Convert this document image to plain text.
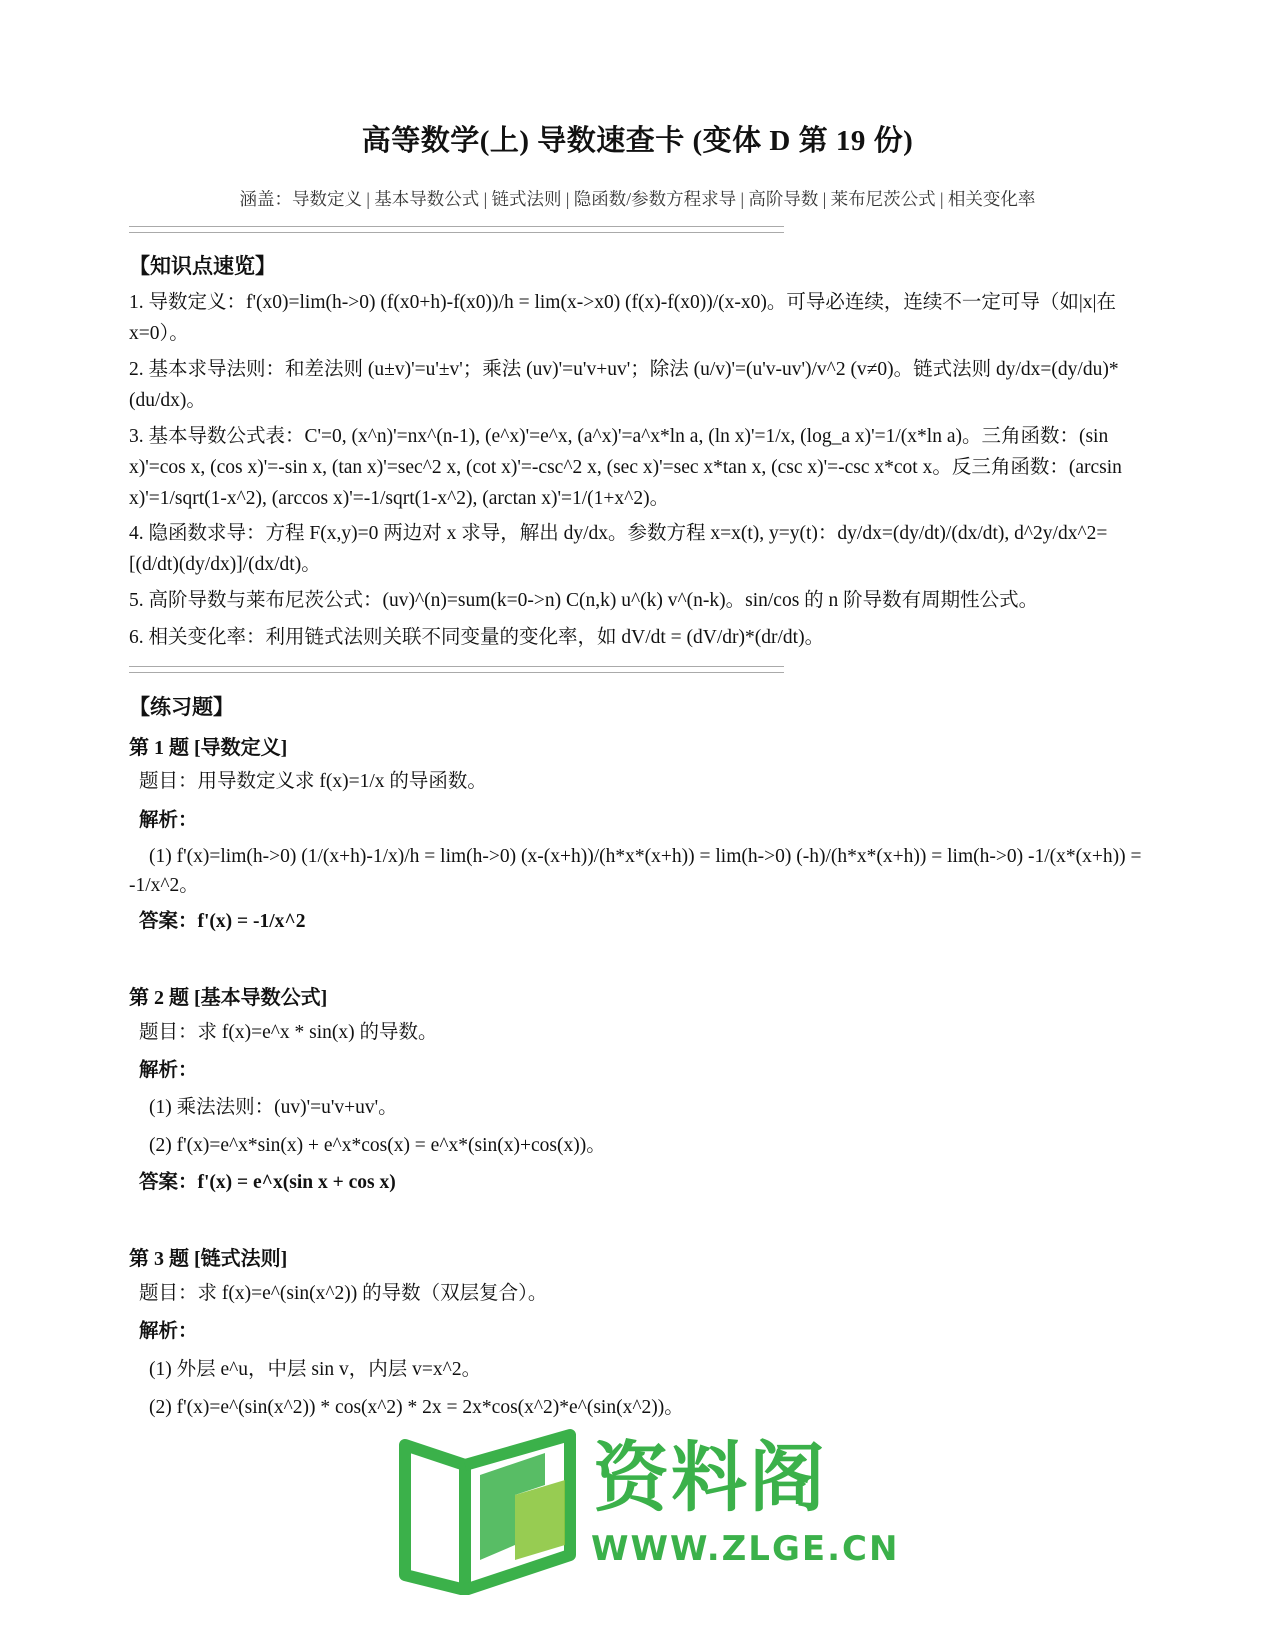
高等数学(上) 导数速查卡 (变体 D 第 19 份)
涵盖：导数定义 | 基本导数公式 | 链式法则 | 隐函数/参数方程求导 | 高阶导数 | 莱布尼茨公式 | 相关变化率
【知识点速览】
1. 导数定义：f'(x0)=lim(h->0) (f(x0+h)-f(x0))/h = lim(x->x0) (f(x)-f(x0))/(x-x0)。可导必连续，连续不一定可导（如|x|在 x=0）。
2. 基本求导法则：和差法则 (u±v)'=u'±v'；乘法 (uv)'=u'v+uv'；除法 (u/v)'=(u'v-uv')/v^2 (v≠0)。链式法则 dy/dx=(dy/du)*(du/dx)。
3. 基本导数公式表：C'=0, (x^n)'=nx^(n-1), (e^x)'=e^x, (a^x)'=a^x*ln a, (ln x)'=1/x, (log_a x)'=1/(x*ln a)。三角函数：(sin x)'=cos x, (cos x)'=-sin x, (tan x)'=sec^2 x, (cot x)'=-csc^2 x, (sec x)'=sec x*tan x, (csc x)'=-csc x*cot x。反三角函数：(arcsin x)'=1/sqrt(1-x^2), (arccos x)'=-1/sqrt(1-x^2), (arctan x)'=1/(1+x^2)。
4. 隐函数求导：方程 F(x,y)=0 两边对 x 求导，解出 dy/dx。参数方程 x=x(t), y=y(t)：dy/dx=(dy/dt)/(dx/dt), d^2y/dx^2=[(d/dt)(dy/dx)]/(dx/dt)。
5. 高阶导数与莱布尼茨公式：(uv)^(n)=sum(k=0->n) C(n,k) u^(k) v^(n-k)。sin/cos 的 n 阶导数有周期性公式。
6. 相关变化率：利用链式法则关联不同变量的变化率，如 dV/dt = (dV/dr)*(dr/dt)。
【练习题】
第 1 题 [导数定义]
题目：用导数定义求 f(x)=1/x 的导函数。
解析：
(1) f'(x)=lim(h->0) (1/(x+h)-1/x)/h = lim(h->0) (x-(x+h))/(h*x*(x+h)) = lim(h->0) (-h)/(h*x*(x+h)) = lim(h->0) -1/(x*(x+h)) = -1/x^2。
答案：f'(x) = -1/x^2
第 2 题 [基本导数公式]
题目：求 f(x)=e^x * sin(x) 的导数。
解析：
(1) 乘法法则：(uv)'=u'v+uv'。
(2) f'(x)=e^x*sin(x) + e^x*cos(x) = e^x*(sin(x)+cos(x))。
答案：f'(x) = e^x(sin x + cos x)
第 3 题 [链式法则]
题目：求 f(x)=e^(sin(x^2)) 的导数（双层复合）。
解析：
(1) 外层 e^u，中层 sin v，内层 v=x^2。
(2) f'(x)=e^(sin(x^2)) * cos(x^2) * 2x = 2x*cos(x^2)*e^(sin(x^2))。
资料阁
WWW.ZLGE.CN
